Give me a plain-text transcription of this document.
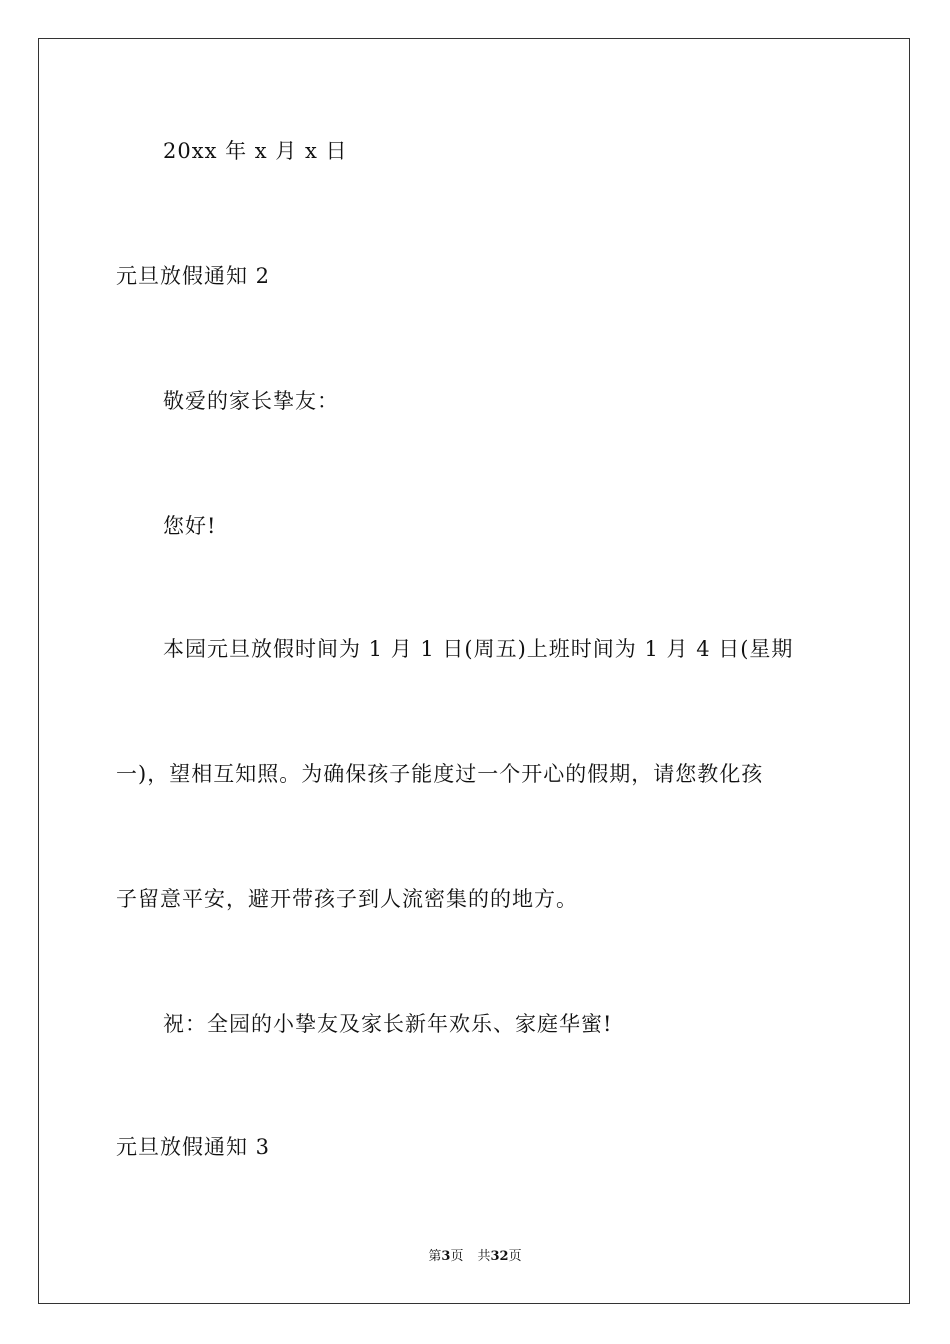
20xx 年 x 月 x 日
元旦放假通知 2
敬爱的家长挚友：
您好!
本园元旦放假时间为 1 月 1 日(周五)上班时间为 1 月 4 日(星期
一)，望相互知照。为确保孩子能度过一个开心的假期，请您教化孩
子留意平安，避开带孩子到人流密集的的地方。
祝：全园的小挚友及家长新年欢乐、家庭华蜜!
元旦放假通知 3
第3页 共32页
